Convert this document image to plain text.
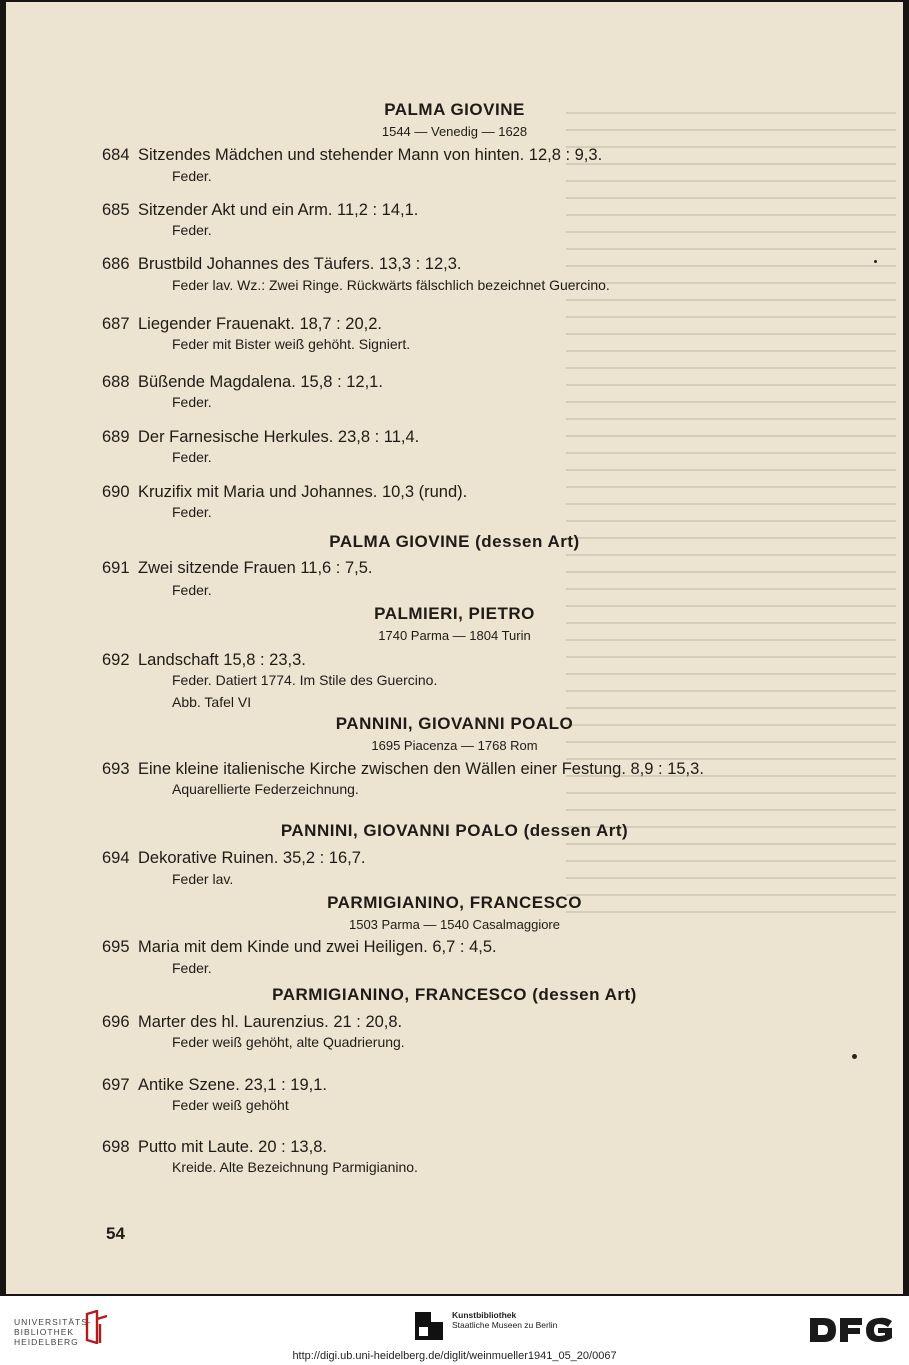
PALMA GIOVINE
1544 — Venedig — 1628
684 Sitzendes Mädchen und stehender Mann von hinten. 12,8 : 9,3.
Feder.
685 Sitzender Akt und ein Arm. 11,2 : 14,1.
Feder.
686 Brustbild Johannes des Täufers. 13,3 : 12,3.
Feder lav. Wz.: Zwei Ringe. Rückwärts fälschlich bezeichnet Guercino.
687 Liegender Frauenakt. 18,7 : 20,2.
Feder mit Bister weiß gehöht. Signiert.
688 Büßende Magdalena. 15,8 : 12,1.
Feder.
689 Der Farnesische Herkules. 23,8 : 11,4.
Feder.
690 Kruzifix mit Maria und Johannes. 10,3 (rund).
Feder.
PALMA GIOVINE (dessen Art)
691 Zwei sitzende Frauen 11,6 : 7,5.
Feder.
PALMIERI, PIETRO
1740 Parma — 1804 Turin
692 Landschaft 15,8 : 23,3.
Feder. Datiert 1774. Im Stile des Guercino.
Abb. Tafel VI
PANNINI, GIOVANNI POALO
1695 Piacenza — 1768 Rom
693 Eine kleine italienische Kirche zwischen den Wällen einer Festung. 8,9 : 15,3.
Aquarellierte Federzeichnung.
PANNINI, GIOVANNI POALO (dessen Art)
694 Dekorative Ruinen. 35,2 : 16,7.
Feder lav.
PARMIGIANINO, FRANCESCO
1503 Parma — 1540 Casalmaggiore
695 Maria mit dem Kinde und zwei Heiligen. 6,7 : 4,5.
Feder.
PARMIGIANINO, FRANCESCO (dessen Art)
696 Marter des hl. Laurenzius. 21 : 20,8.
Feder weiß gehöht, alte Quadrierung.
697 Antike Szene. 23,1 : 19,1.
Feder weiß gehöht
698 Putto mit Laute. 20 : 13,8.
Kreide. Alte Bezeichnung Parmigianino.
54
UNIVERSITÄTS-
BIBLIOTHEK
HEIDELBERG
Kunstbibliothek
Staatliche Museen zu Berlin
http://digi.ub.uni-heidelberg.de/diglit/weinmueller1941_05_20/0067
